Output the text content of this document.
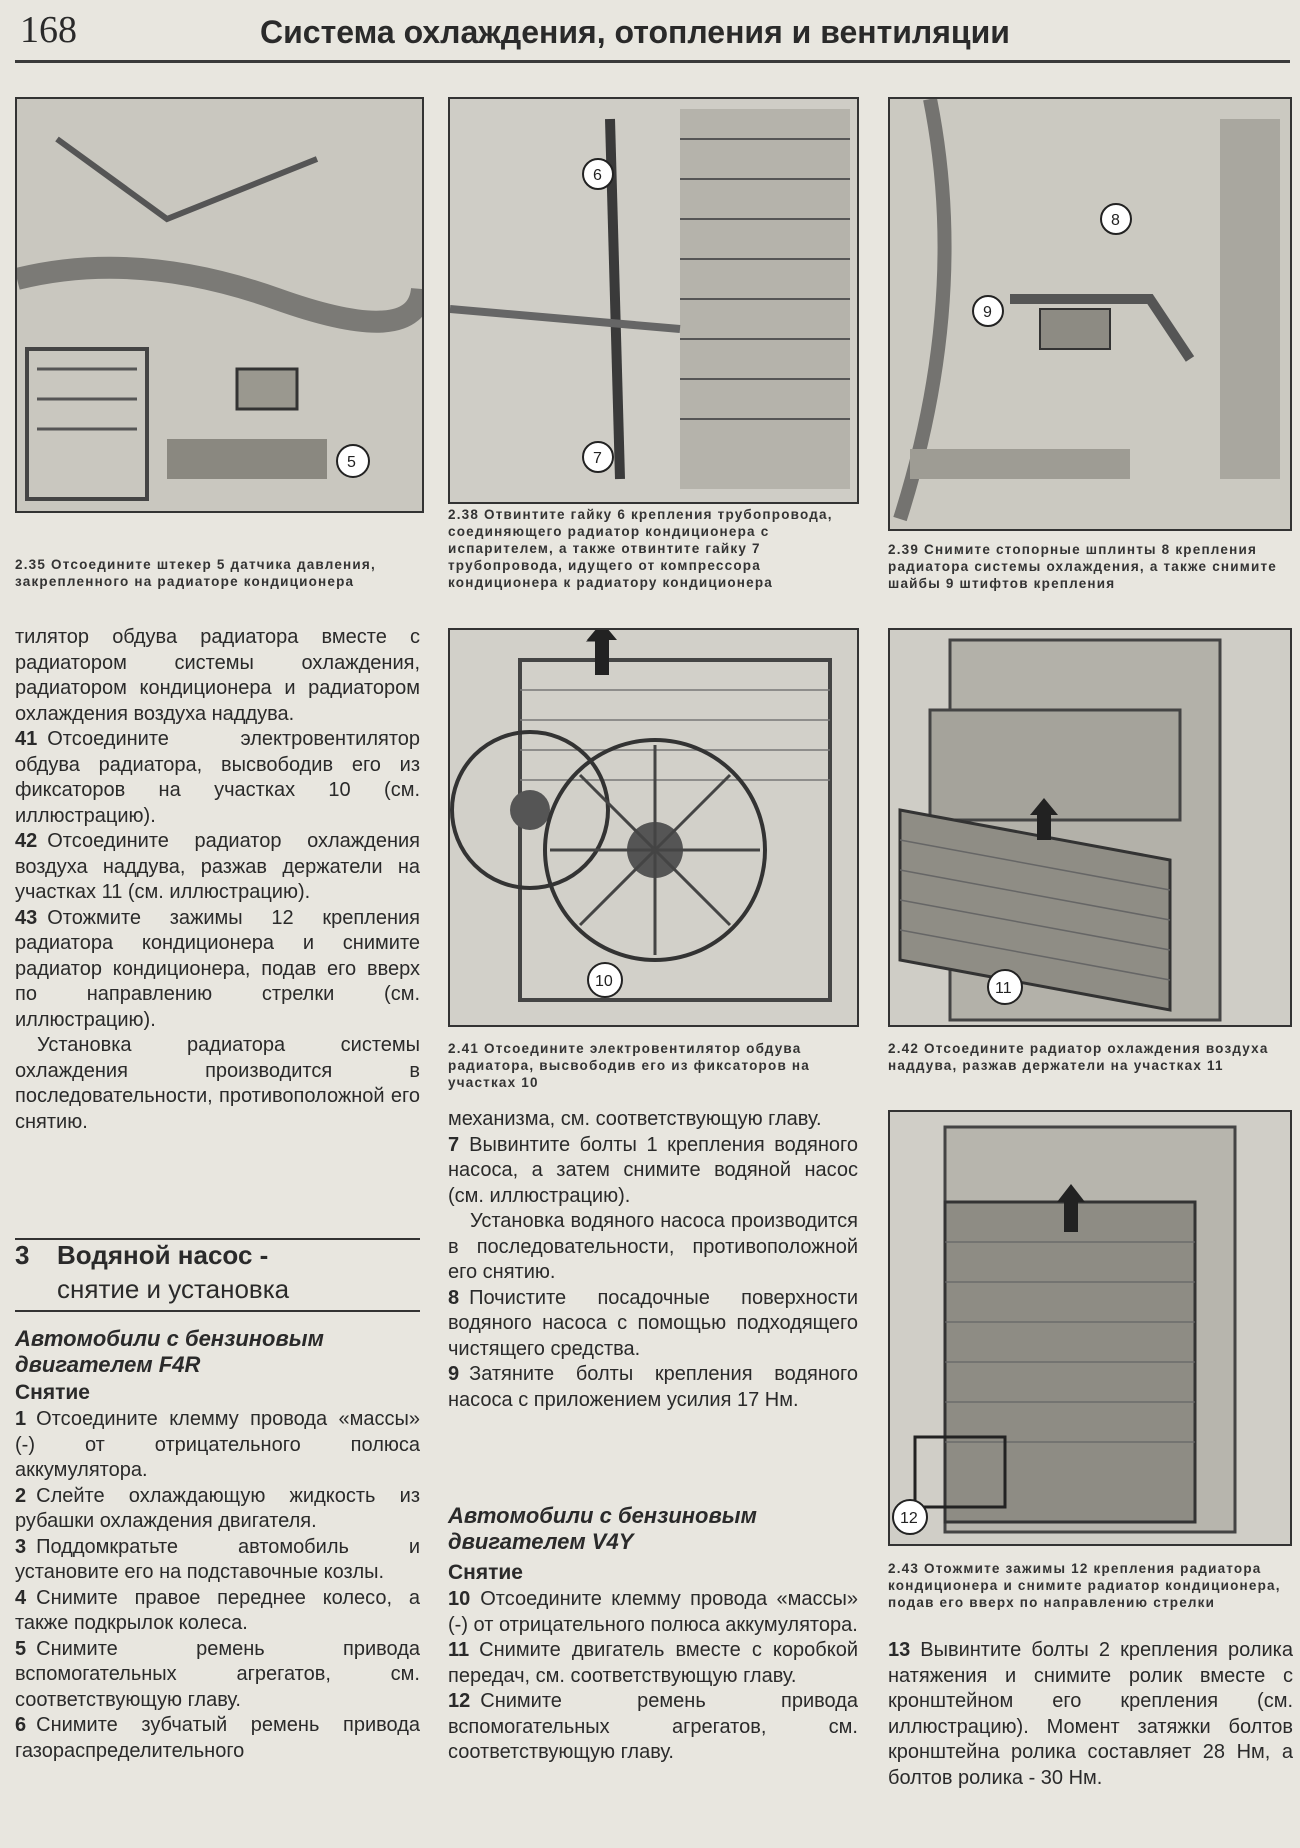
168	Система охлаждения, отопления и вентиляции
5
2.35 Отсоедините штекер 5 датчика давления, закрепленного на радиаторе кондиционера
6
7
2.38 Отвинтите гайку 6 крепления трубопровода, соединяющего радиатор кондиционера с испарителем, а также отвинтите гайку 7 трубопровода, идущего от компрессора кондиционера к радиатору кондиционера
8
9
2.39 Снимите стопорные шплинты 8 крепления радиатора системы охлаждения, а также снимите шайбы 9 штифтов крепления
10
2.41 Отсоедините электровентилятор обдува радиатора, высвободив его из фиксаторов на участках 10
11
2.42 Отсоедините радиатор охлаждения воздуха наддува, разжав держатели на участках 11
12
2.43 Отожмите зажимы 12 крепления радиатора кондиционера и снимите радиатор кондиционера, подав его вверх по направлению стрелки

тилятор обдува радиатора вместе с радиатором системы охлаждения, радиатором кондиционера и радиатором охлаждения воздуха наддува.

41 Отсоедините электровентилятор обдува радиатора, высвободив его из фиксаторов на участках 10 (см. иллюстрацию).

42 Отсоедините радиатор охлаждения воздуха наддува, разжав держатели на участках 11 (см. иллюстрацию).

43 Отожмите зажимы 12 крепления радиатора кондиционера и снимите радиатор кондиционера, подав его вверх по направлению стрелки (см. иллюстрацию).

Установка радиатора системы охлаждения производится в последовательности, противоположной его снятию.

3 Водяной насос -
снятие и установка
Автомобили с бензиновым двигателем F4R
Снятие

1 Отсоедините клемму провода «массы» (-) от отрицательного полюса аккумулятора.

2 Слейте охлаждающую жидкость из рубашки охлаждения двигателя.

3 Поддомкратьте автомобиль и установите его на подставочные козлы.

4 Снимите правое переднее колесо, а также подкрылок колеса.

5 Снимите ремень привода вспомогательных агрегатов, см. соответствующую главу.

6 Снимите зубчатый ремень привода газораспределительного

механизма, см. соответствующую главу.

7 Вывинтите болты 1 крепления водяного насоса, а затем снимите водяной насос (см. иллюстрацию).

Установка водяного насоса производится в последовательности, противоположной его снятию.

8 Почистите посадочные поверхности водяного насоса с помощью подходящего чистящего средства.

9 Затяните болты крепления водяного насоса с приложением усилия 17 Нм.

Автомобили с бензиновым двигателем V4Y
Снятие

10 Отсоедините клемму провода «массы» (-) от отрицательного полюса аккумулятора.

11 Снимите двигатель вместе с коробкой передач, см. соответствующую главу.

12 Снимите ремень привода вспомогательных агрегатов, см. соответствующую главу.

13 Вывинтите болты 2 крепления ролика натяжения и снимите ролик вместе с кронштейном его крепления (см. иллюстрацию). Момент затяжки болтов кронштейна ролика составляет 28 Нм, а болтов ролика - 30 Нм.
